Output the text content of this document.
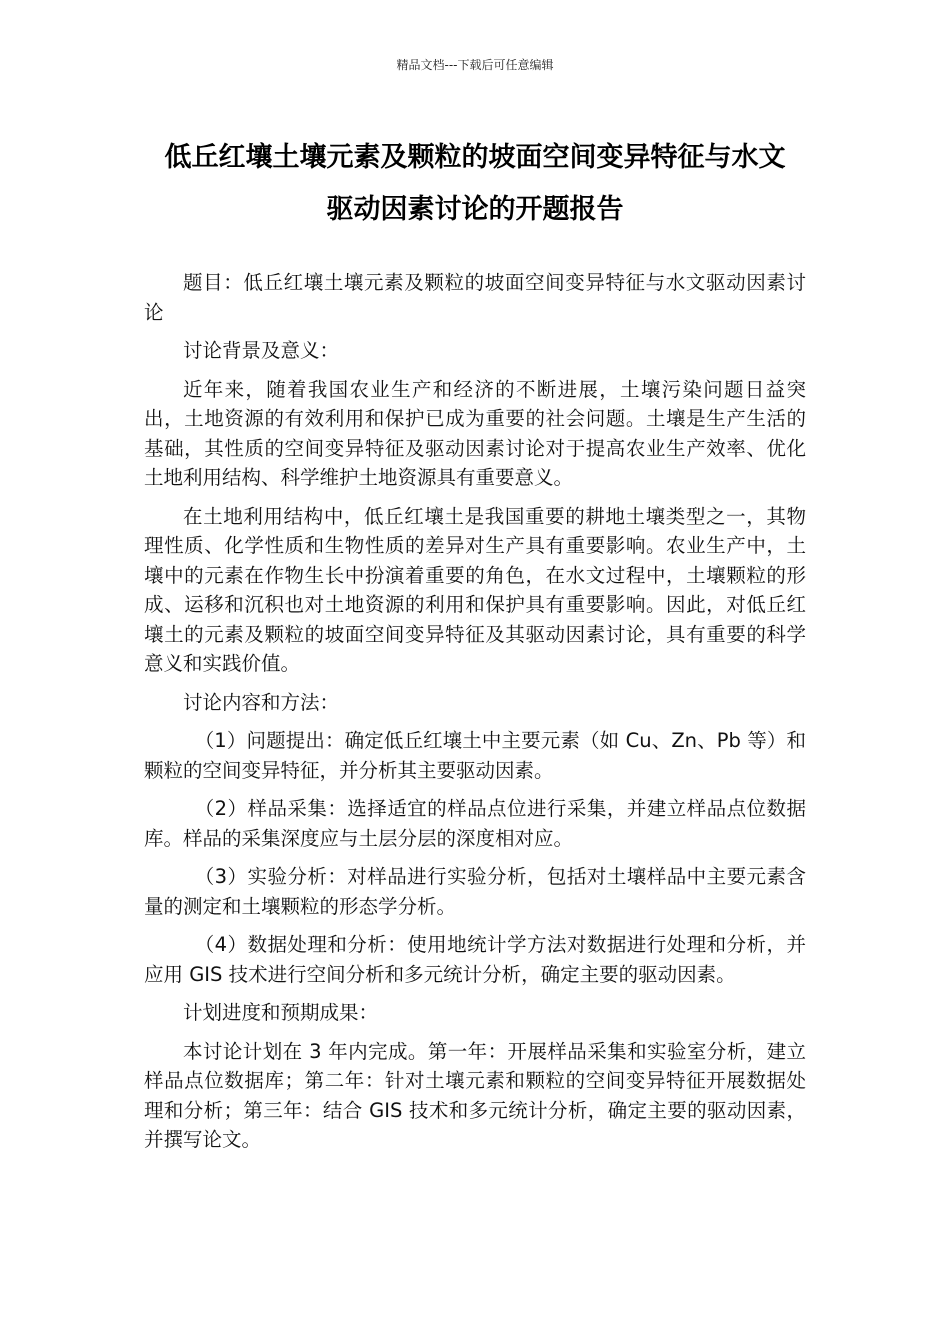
精品文档---下载后可任意编辑
低丘红壤土壤元素及颗粒的坡面空间变异特征与水文
驱动因素讨论的开题报告

题目：低丘红壤土壤元素及颗粒的坡面空间变异特征与水文驱动因素讨论

讨论背景及意义：

近年来，随着我国农业生产和经济的不断进展，土壤污染问题日益突出，土地资源的有效利用和保护已成为重要的社会问题。土壤是生产生活的基础，其性质的空间变异特征及驱动因素讨论对于提高农业生产效率、优化土地利用结构、科学维护土地资源具有重要意义。

在土地利用结构中，低丘红壤土是我国重要的耕地土壤类型之一，其物理性质、化学性质和生物性质的差异对生产具有重要影响。农业生产中，土壤中的元素在作物生长中扮演着重要的角色，在水文过程中，土壤颗粒的形成、运移和沉积也对土地资源的利用和保护具有重要影响。因此，对低丘红壤土的元素及颗粒的坡面空间变异特征及其驱动因素讨论，具有重要的科学意义和实践价值。

讨论内容和方法：

（1）问题提出：确定低丘红壤土中主要元素（如 Cu、Zn、Pb 等）和颗粒的空间变异特征，并分析其主要驱动因素。

（2）样品采集：选择适宜的样品点位进行采集，并建立样品点位数据库。样品的采集深度应与土层分层的深度相对应。

（3）实验分析：对样品进行实验分析，包括对土壤样品中主要元素含量的测定和土壤颗粒的形态学分析。

（4）数据处理和分析：使用地统计学方法对数据进行处理和分析，并应用 GIS 技术进行空间分析和多元统计分析，确定主要的驱动因素。

计划进度和预期成果：

本讨论计划在 3 年内完成。第一年：开展样品采集和实验室分析，建立样品点位数据库；第二年：针对土壤元素和颗粒的空间变异特征开展数据处理和分析；第三年：结合 GIS 技术和多元统计分析，确定主要的驱动因素，并撰写论文。
